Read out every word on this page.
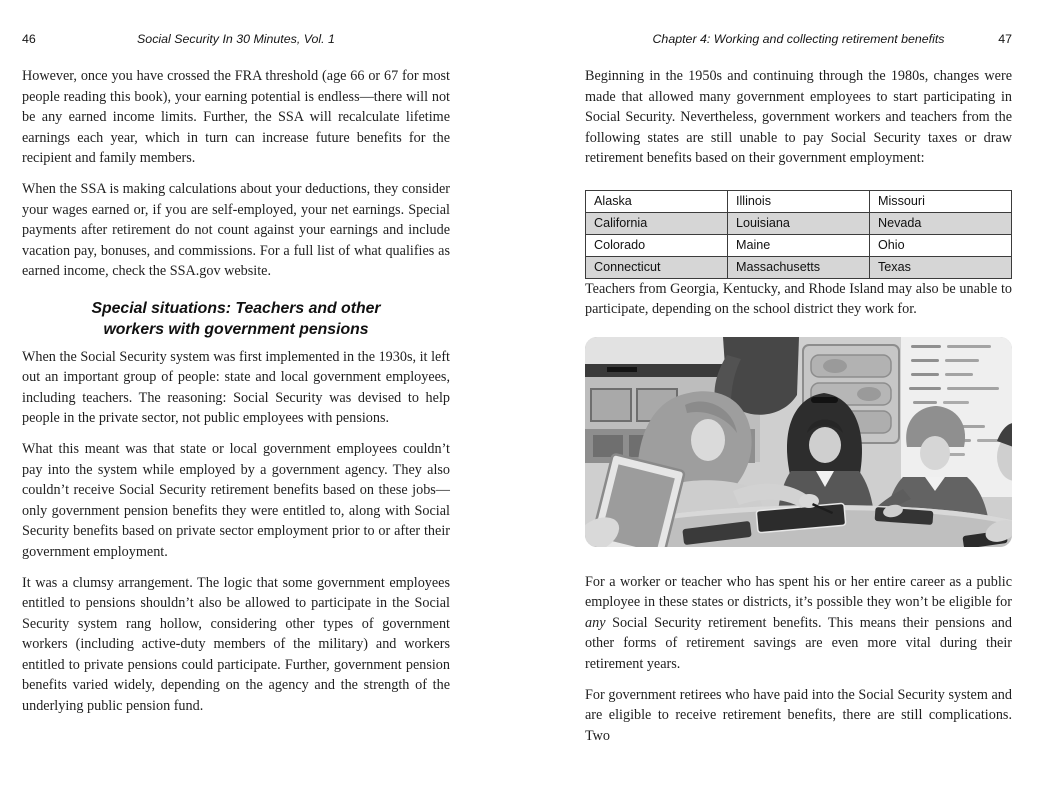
46	Social Security In 30 Minutes, Vol. 1

However, once you have crossed the FRA threshold (age 66 or 67 for most people reading this book), your earning potential is endless—there will not be any earned income limits. Further, the SSA will recalculate lifetime earnings each year, which in turn can increase future benefits for the recipient and family members.

When the SSA is making calculations about your deductions, they consider your wages earned or, if you are self-employed, your net earnings. Special payments after retirement do not count against your earnings and include vacation pay, bonuses, and commissions. For a full list of what qualifies as earned income, check the SSA.gov website.

Special situations: Teachers and other
workers with government pensions

When the Social Security system was first implemented in the 1930s, it left out an important group of people: state and local government employees, including teachers. The reasoning: Social Security was devised to help people in the private sector, not public employees with pensions.

What this meant was that state or local government employees couldn’t pay into the system while employed by a government agency. They also couldn’t receive Social Security retirement benefits based on these jobs—only government pension benefits they were entitled to, along with Social Security benefits based on private sector employment prior to or after their government employment.

It was a clumsy arrangement. The logic that some government employees entitled to pensions shouldn’t also be allowed to participate in the Social Security system rang hollow, considering other types of government workers (including active-duty members of the military) and workers entitled to private pensions could participate. Further, government pension benefits varied widely, depending on the agency and the strength of the underlying public pension fund.

Chapter 4: Working and collecting retirement benefits	47

Beginning in the 1950s and continuing through the 1980s, changes were made that allowed many government employees to start participating in Social Security. Nevertheless, government workers and teachers from the following states are still unable to pay Social Security taxes or draw retirement benefits based on their government employment:

Alaska	Illinois	Missouri
California	Louisiana	Nevada
Colorado	Maine	Ohio
Connecticut	Massachusetts	Texas

Teachers from Georgia, Kentucky, and Rhode Island may also be unable to participate, depending on the school district they work for.

For a worker or teacher who has spent his or her entire career as a public employee in these states or districts, it’s possible they won’t be eligible for any Social Security retirement benefits. This means their pensions and other forms of retirement savings are even more vital during their retirement years.

For government retirees who have paid into the Social Security system and are eligible to receive retirement benefits, there are still complications. Two
